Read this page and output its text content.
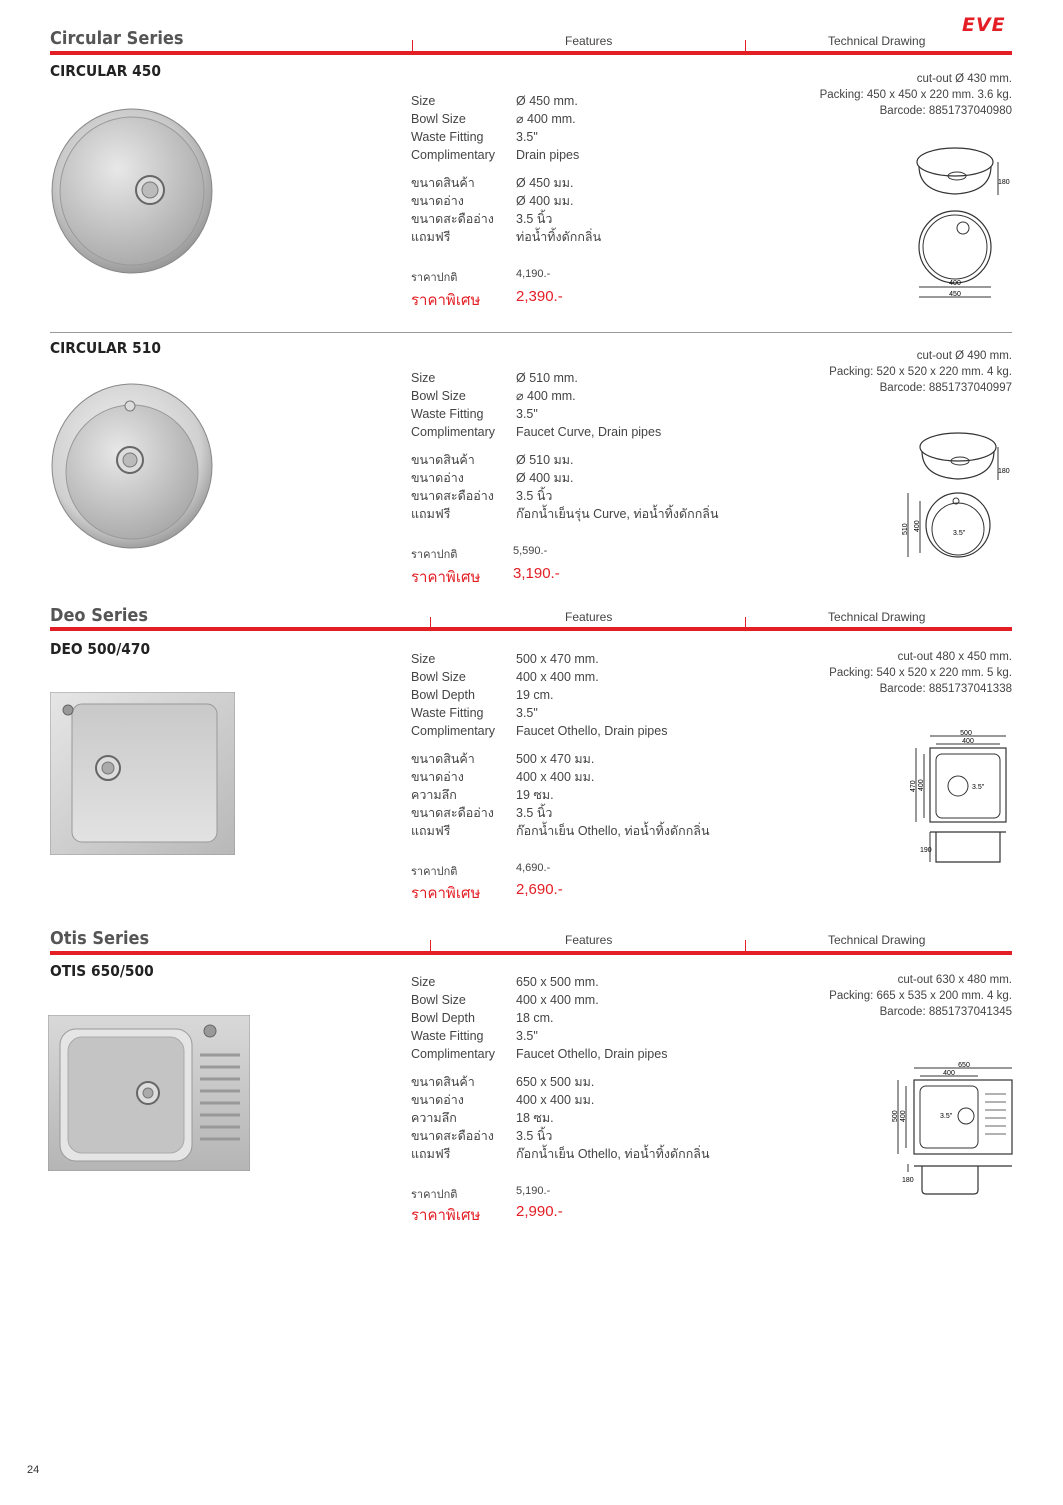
EVE
Circular Series	Features	Technical Drawing
CIRCULAR 450
Size	Ø 450 mm.
Bowl Size	⌀ 400 mm.
Waste Fitting	3.5"
Complimentary Drain pipes
ขนาดสินค้า	Ø 450 มม.
ขนาดอ่าง	Ø 400 มม.
ขนาดสะดืออ่าง 3.5 นิ้ว
แถมฟรี	ท่อน้ำทิ้งดักกลิ่น
ราคาปกติ	4,190.-
ราคาพิเศษ 2,390.-
cut-out Ø 430 mm.
Packing: 450 x 450 x 220 mm. 3.6 kg.
Barcode: 8851737040980
180
400
450
CIRCULAR 510
Size	Ø 510 mm.
Bowl Size	⌀ 400 mm.
Waste Fitting	3.5"
Complimentary Faucet Curve, Drain pipes
ขนาดสินค้า	Ø 510 มม.
ขนาดอ่าง	Ø 400 มม.
ขนาดสะดืออ่าง 3.5 นิ้ว
แถมฟรี	ก๊อกน้ำเย็นรุ่น Curve, ท่อน้ำทิ้งดักกลิ่น
ราคาปกติ	5,590.-
ราคาพิเศษ 3,190.-
cut-out Ø 490 mm.
Packing: 520 x 520 x 220 mm. 4 kg.
Barcode: 8851737040997
180
3.5"
510 400
Deo Series	Features	Technical Drawing
DEO 500/470
Size	500 x 470 mm.
Bowl Size	400 x 400 mm.
Bowl Depth	19 cm.
Waste Fitting	3.5"
Complimentary Faucet Othello, Drain pipes
ขนาดสินค้า	500 x 470 มม.
ขนาดอ่าง	400 x 400 มม.
ความลึก	19 ซม.
ขนาดสะดืออ่าง 3.5 นิ้ว
แถมฟรี	ก๊อกน้ำเย็น Othello, ท่อน้ำทิ้งดักกลิ่น
ราคาปกติ	4,690.-
ราคาพิเศษ 2,690.-
cut-out 480 x 450 mm.
Packing: 540 x 520 x 220 mm. 5 kg.
Barcode: 8851737041338
500
400
3.5"
470 400
190
Otis Series	Features	Technical Drawing
OTIS 650/500
Size	650 x 500 mm.
Bowl Size	400 x 400 mm.
Bowl Depth	18 cm.
Waste Fitting	3.5"
Complimentary Faucet Othello, Drain pipes
ขนาดสินค้า	650 x 500 มม.
ขนาดอ่าง	400 x 400 มม.
ความลึก	18 ซม.
ขนาดสะดืออ่าง 3.5 นิ้ว
แถมฟรี	ก๊อกน้ำเย็น Othello, ท่อน้ำทิ้งดักกลิ่น
ราคาปกติ	5,190.-
ราคาพิเศษ 2,990.-
cut-out 630 x 480 mm.
Packing: 665 x 535 x 200 mm. 4 kg.
Barcode: 8851737041345
650
400
3.5"
500 400
180
24
